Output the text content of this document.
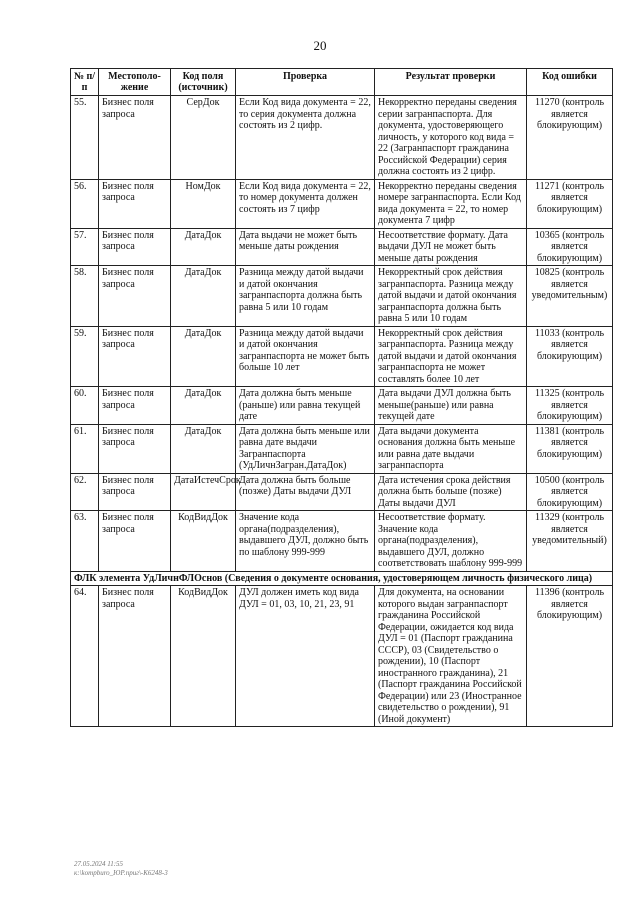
20
№ п/п	Местополо-жение	Код поля (источник)	Проверка	Результат проверки	Код ошибки
55.	Бизнес поля запроса	СерДок	Если Код вида документа = 22, то серия документа должна состоять из 2 цифр.	Некорректно переданы сведения серии загранпаспорта. Для документа, удостоверяющего личность, у которого код вида = 22 (Загранпаспорт гражданина Российской Федерации) серия должна состоять из 2 цифр.	11270 (контроль является блокирующим)
56.	Бизнес поля запроса	НомДок	Если Код вида документа = 22, то номер документа должен состоять из 7 цифр	Некорректно переданы сведения номере загранпаспорта. Если Код вида документа = 22, то номер документа 7 цифр	11271 (контроль является блокирующим)
57.	Бизнес поля запроса	ДатаДок	Дата выдачи не может быть меньше даты рождения	Несоответствие формату. Дата выдачи ДУЛ не может быть меньше даты рождения	10365 (контроль является блокирующим)
58.	Бизнес поля запроса	ДатаДок	Разница между датой выдачи и датой окончания загранпаспорта должна быть равна 5 или 10 годам	Некорректный срок действия загранпаспорта. Разница между датой выдачи и датой окончания загранпаспорта должна быть равна 5 или 10 годам	10825 (контроль является уведомительным)
59.	Бизнес поля запроса	ДатаДок	Разница между датой выдачи и датой окончания загранпаспорта не может быть больше 10 лет	Некорректный срок действия загранпаспорта. Разница между датой выдачи и датой окончания загранпаспорта не может составлять более 10 лет	11033 (контроль является блокирующим)
60.	Бизнес поля запроса	ДатаДок	Дата должна быть меньше (раньше) или равна текущей дате	Дата выдачи ДУЛ должна быть меньше(раньше) или равна текущей дате	11325 (контроль является блокирующим)
61.	Бизнес поля запроса	ДатаДок	Дата должна быть меньше или равна дате выдачи Загранпаспорта (УдЛичнЗагран.ДатаДок)	Дата выдачи документа основания должна быть меньше или равна дате выдачи загранпаспорта	11381 (контроль является блокирующим)
62.	Бизнес поля запроса	ДатаИстечСрок	Дата должна быть больше (позже) Даты выдачи ДУЛ	Дата истечения срока действия должна быть больше (позже) Даты выдачи ДУЛ	10500 (контроль является блокирующим)
63.	Бизнес поля запроса	КодВидДок	Значение кода органа(подразделения), выдавшего ДУЛ, должно быть по шаблону 999-999	Несоответствие формату. Значение кода органа(подразделения), выдавшего ДУЛ, должно соответствовать шаблону 999-999	11329 (контроль является уведомительный)
ФЛК элемента УдЛичнФЛОснов (Сведения о документе основания, удостоверяющем личность физического лица)					
64.	Бизнес поля запроса	КодВидДок	ДУЛ должен иметь код вида ДУЛ = 01, 03, 10, 21, 23, 91	Для документа, на основании которого выдан загранпаспорт гражданина Российской Федерации, ожидается код вида ДУЛ = 01 (Паспорт гражданина СССР), 03 (Свидетельство о рождении), 10 (Паспорт иностранного гражданина), 21 (Паспорт гражданина Российской Федерации) или 23 (Иностранное свидетельство о рождении), 91 (Иной документ)	11396 (контроль является блокирующим)
27.05.2024 11:55
к:\kompburo_ЮР.приг\-К6248-3
